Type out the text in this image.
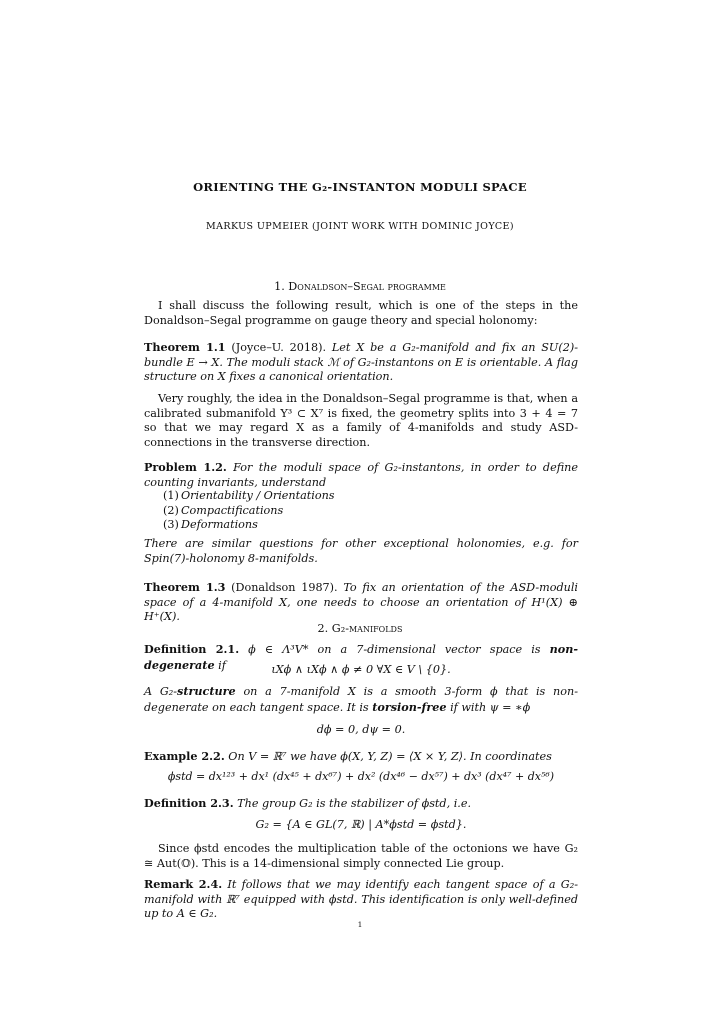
ORIENTING THE G₂-INSTANTON MODULI SPACE
MARKUS UPMEIER (JOINT WORK WITH DOMINIC JOYCE)
1. Donaldson–Segal programme
I shall discuss the following result, which is one of the steps in the Donaldson–Segal programme on gauge theory and special holonomy:
Theorem 1.1 (Joyce–U. 2018). Let X be a G₂-manifold and fix an SU(2)-bundle E → X. The moduli stack ℳ of G₂-instantons on E is orientable. A flag structure on X fixes a canonical orientation.
Very roughly, the idea in the Donaldson–Segal programme is that, when a calibrated submanifold Y³ ⊂ X⁷ is fixed, the geometry splits into 3 + 4 = 7 so that we may regard X as a family of 4-manifolds and study ASD-connections in the transverse direction.
Problem 1.2. For the moduli space of G₂-instantons, in order to define counting invariants, understand
(1) Orientability / Orientations
(2) Compactifications
(3) Deformations
There are similar questions for other exceptional holonomies, e.g. for Spin(7)-holonomy 8-manifolds.
Theorem 1.3 (Donaldson 1987). To fix an orientation of the ASD-moduli space of a 4-manifold X, one needs to choose an orientation of H¹(X) ⊕ H⁺(X).
2. G₂-manifolds
Definition 2.1. ϕ ∈ Λ³V* on a 7-dimensional vector space is non-degenerate if	ιXϕ ∧ ιXϕ ∧ ϕ ≠ 0 ∀X ∈ V \ {0}.
A G₂-structure on a 7-manifold X is a smooth 3-form ϕ that is non-degenerate on each tangent space. It is torsion-free if with ψ = ∗ϕ
dϕ = 0, dψ = 0.
Example 2.2. On V = ℝ⁷ we have ϕ(X, Y, Z) = ⟨X × Y, Z⟩. In coordinates
ϕstd = dx¹²³ + dx¹ (dx⁴⁵ + dx⁶⁷) + dx² (dx⁴⁶ − dx⁵⁷) + dx³ (dx⁴⁷ + dx⁵⁶)
Definition 2.3. The group G₂ is the stabilizer of ϕstd, i.e.
G₂ = {A ∈ GL(7, ℝ) | A*ϕstd = ϕstd}.
Since ϕstd encodes the multiplication table of the octonions we have G₂ ≅ Aut(𝕆). This is a 14-dimensional simply connected Lie group.
Remark 2.4. It follows that we may identify each tangent space of a G₂-manifold with ℝ⁷ equipped with ϕstd. This identification is only well-defined up to A ∈ G₂.
1
